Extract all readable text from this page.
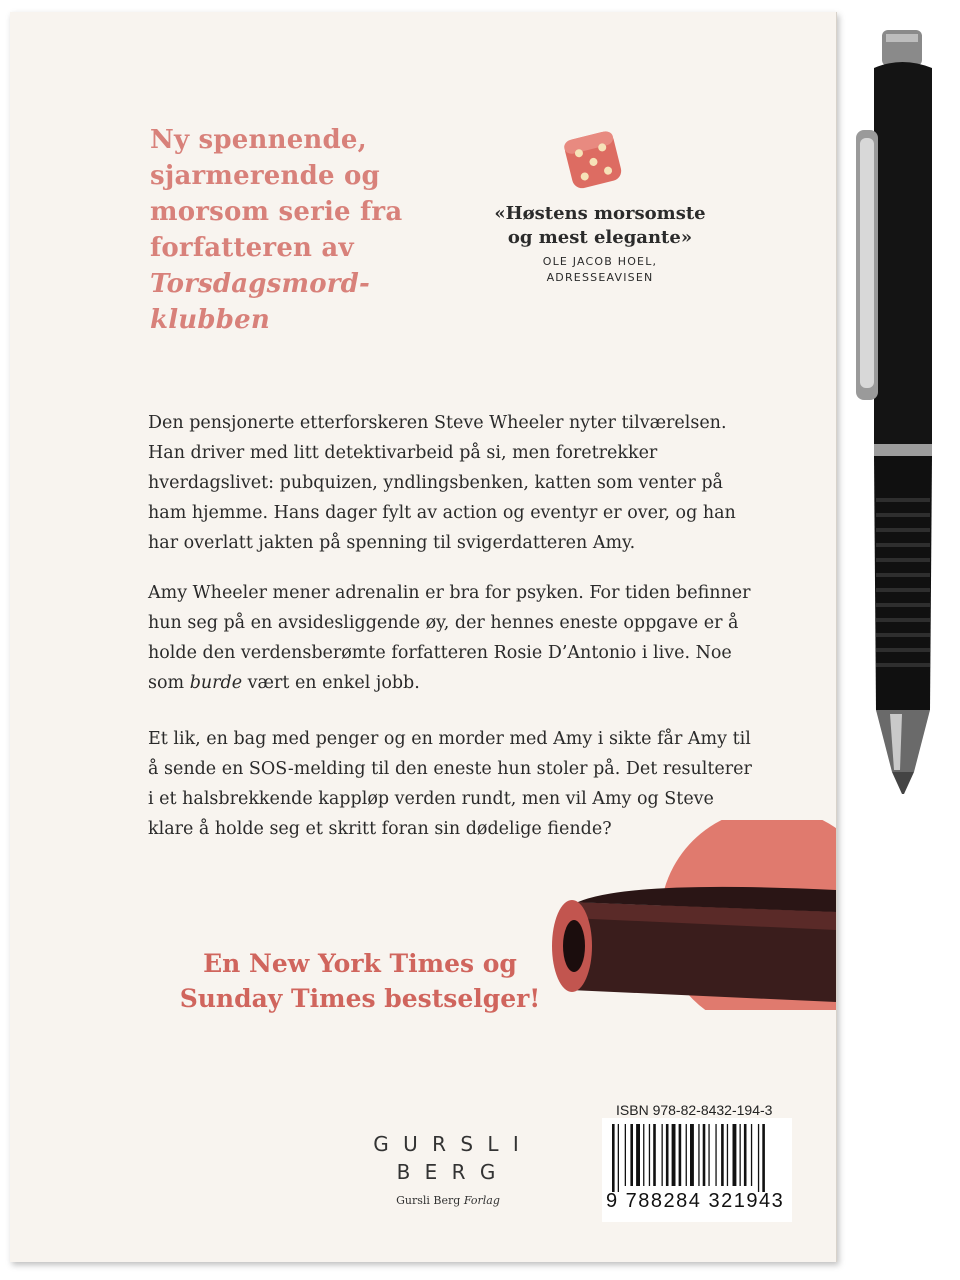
Ny spennende,
sjarmerende og
morsom serie fra
forfatteren av
Torsdagsmord-
klubben
«Høstens morsomste og mest elegante»
OLE JACOB HOEL,
ADRESSEAVISEN

Den pensjonerte etterforskeren Steve Wheeler nyter tilværelsen. Han driver med litt detektivarbeid på si, men foretrekker hverdagslivet: pubquizen, yndlingsbenken, katten som venter på ham hjemme. Hans dager fylt av action og eventyr er over, og han har overlatt jakten på spenning til svigerdatteren Amy.

Amy Wheeler mener adrenalin er bra for psyken. For tiden befinner hun seg på en avsidesliggende øy, der hennes eneste oppgave er å holde den verdensberømte forfatteren Rosie D’Antonio i live. Noe som burde vært en enkel jobb.

Et lik, en bag med penger og en morder med Amy i sikte får Amy til å sende en SOS-melding til den eneste hun stoler på. Det resulterer i et halsbrekkende kappløp verden rundt, men vil Amy og Steve klare å holde seg et skritt foran sin dødelige fiende?

En New York Times og
Sunday Times bestselger!
G U R S L I
B E R G
Gursli Berg Forlag
ISBN 978-82-8432-194-3
9 788284 321943
